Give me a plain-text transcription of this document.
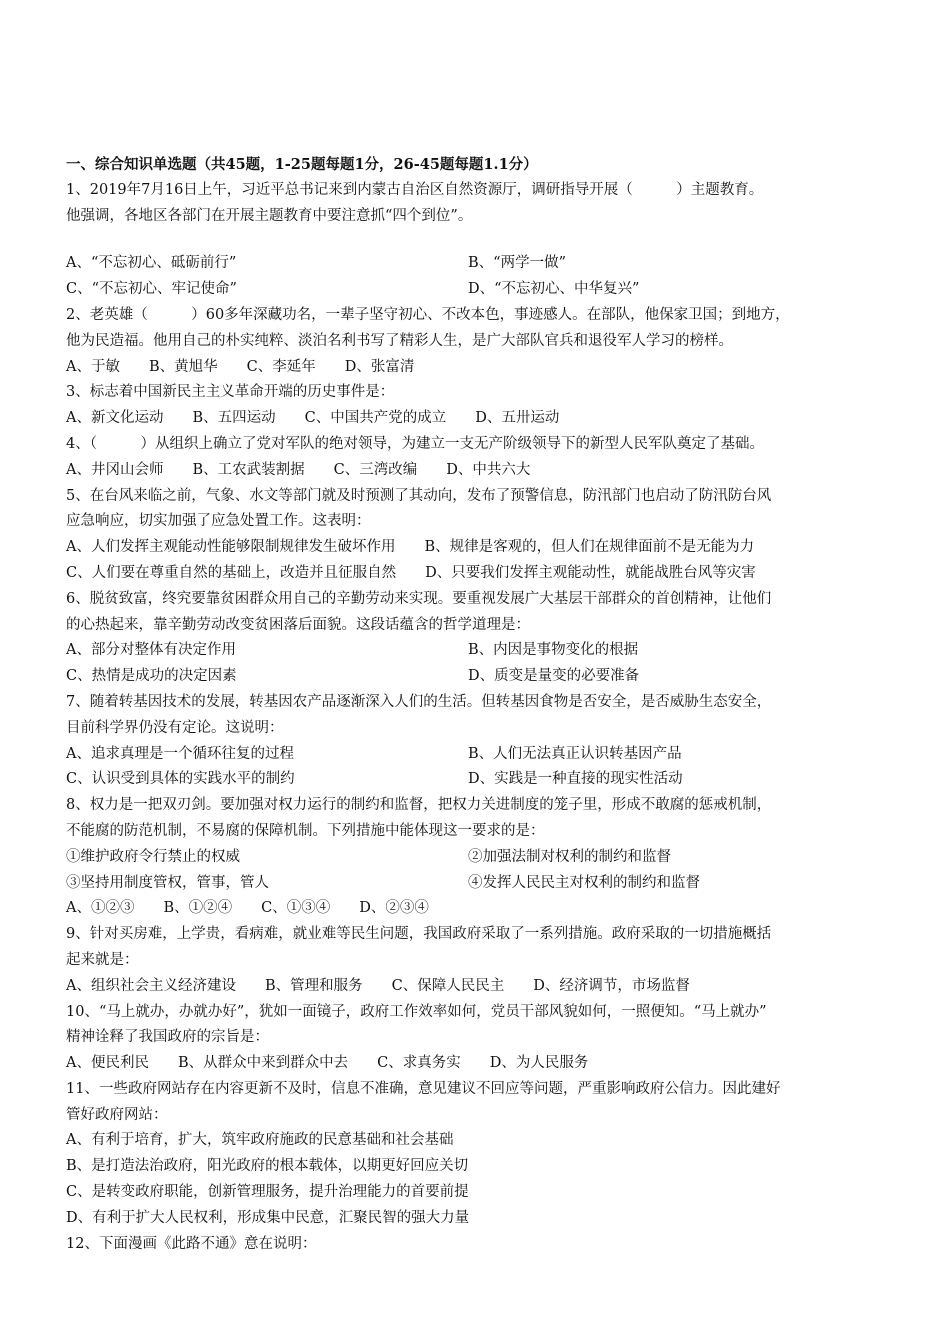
一、综合知识单选题（共45题，1-25题每题1分，26-45题每题1.1分）
1、2019年7月16日上午，习近平总书记来到内蒙古自治区自然资源厅，调研指导开展（　　　）主题教育。
他强调，各地区各部门在开展主题教育中要注意抓“四个到位”。
A、“不忘初心、砥砺前行”	B、“两学一做”
C、“不忘初心、牢记使命”	D、“不忘初心、中华复兴”
2、老英雄（　　　）60多年深藏功名，一辈子坚守初心、不改本色，事迹感人。在部队，他保家卫国；到地方，
他为民造福。他用自己的朴实纯粹、淡泊名利书写了精彩人生，是广大部队官兵和退役军人学习的榜样。
A、于敏　　B、黄旭华　　C、李延年　　D、张富清
3、标志着中国新民主主义革命开端的历史事件是：
A、新文化运动　　B、五四运动　　C、中国共产党的成立　　D、五卅运动
4、（　　　）从组织上确立了党对军队的绝对领导，为建立一支无产阶级领导下的新型人民军队奠定了基础。
A、井冈山会师　　B、工农武装割据　　C、三湾改编　　D、中共六大
5、在台风来临之前，气象、水文等部门就及时预测了其动向，发布了预警信息，防汛部门也启动了防汛防台风
应急响应，切实加强了应急处置工作。这表明：
A、人们发挥主观能动性能够限制规律发生破坏作用　　B、规律是客观的，但人们在规律面前不是无能为力
C、人们要在尊重自然的基础上，改造并且征服自然　　D、只要我们发挥主观能动性，就能战胜台风等灾害
6、脱贫致富，终究要靠贫困群众用自己的辛勤劳动来实现。要重视发展广大基层干部群众的首创精神，让他们
的心热起来，靠辛勤劳动改变贫困落后面貌。这段话蕴含的哲学道理是：
A、部分对整体有决定作用	B、内因是事物变化的根据
C、热情是成功的决定因素	D、质变是量变的必要准备
7、随着转基因技术的发展，转基因农产品逐渐深入人们的生活。但转基因食物是否安全，是否威胁生态安全，
目前科学界仍没有定论。这说明：
A、追求真理是一个循环往复的过程	B、人们无法真正认识转基因产品
C、认识受到具体的实践水平的制约	D、实践是一种直接的现实性活动
8、权力是一把双刃剑。要加强对权力运行的制约和监督，把权力关进制度的笼子里，形成不敢腐的惩戒机制，
不能腐的防范机制，不易腐的保障机制。下列措施中能体现这一要求的是：
①维护政府令行禁止的权威	②加强法制对权利的制约和监督
③坚持用制度管权，管事，管人	④发挥人民民主对权利的制约和监督
A、①②③　　B、①②④　　C、①③④　　D、②③④
9、针对买房难，上学贵，看病难，就业难等民生问题，我国政府采取了一系列措施。政府采取的一切措施概括
起来就是：
A、组织社会主义经济建设　　B、管理和服务　　C、保障人民民主　　D、经济调节，市场监督
10、“马上就办，办就办好”，犹如一面镜子，政府工作效率如何，党员干部风貌如何，一照便知。“马上就办”
精神诠释了我国政府的宗旨是：
A、便民利民　　B、从群众中来到群众中去　　C、求真务实　　D、为人民服务
11、一些政府网站存在内容更新不及时，信息不准确，意见建议不回应等问题，严重影响政府公信力。因此建好
管好政府网站：
A、有利于培育，扩大，筑牢政府施政的民意基础和社会基础
B、是打造法治政府，阳光政府的根本载体，以期更好回应关切
C、是转变政府职能，创新管理服务，提升治理能力的首要前提
D、有利于扩大人民权利，形成集中民意，汇聚民智的强大力量
12、下面漫画《此路不通》意在说明：
